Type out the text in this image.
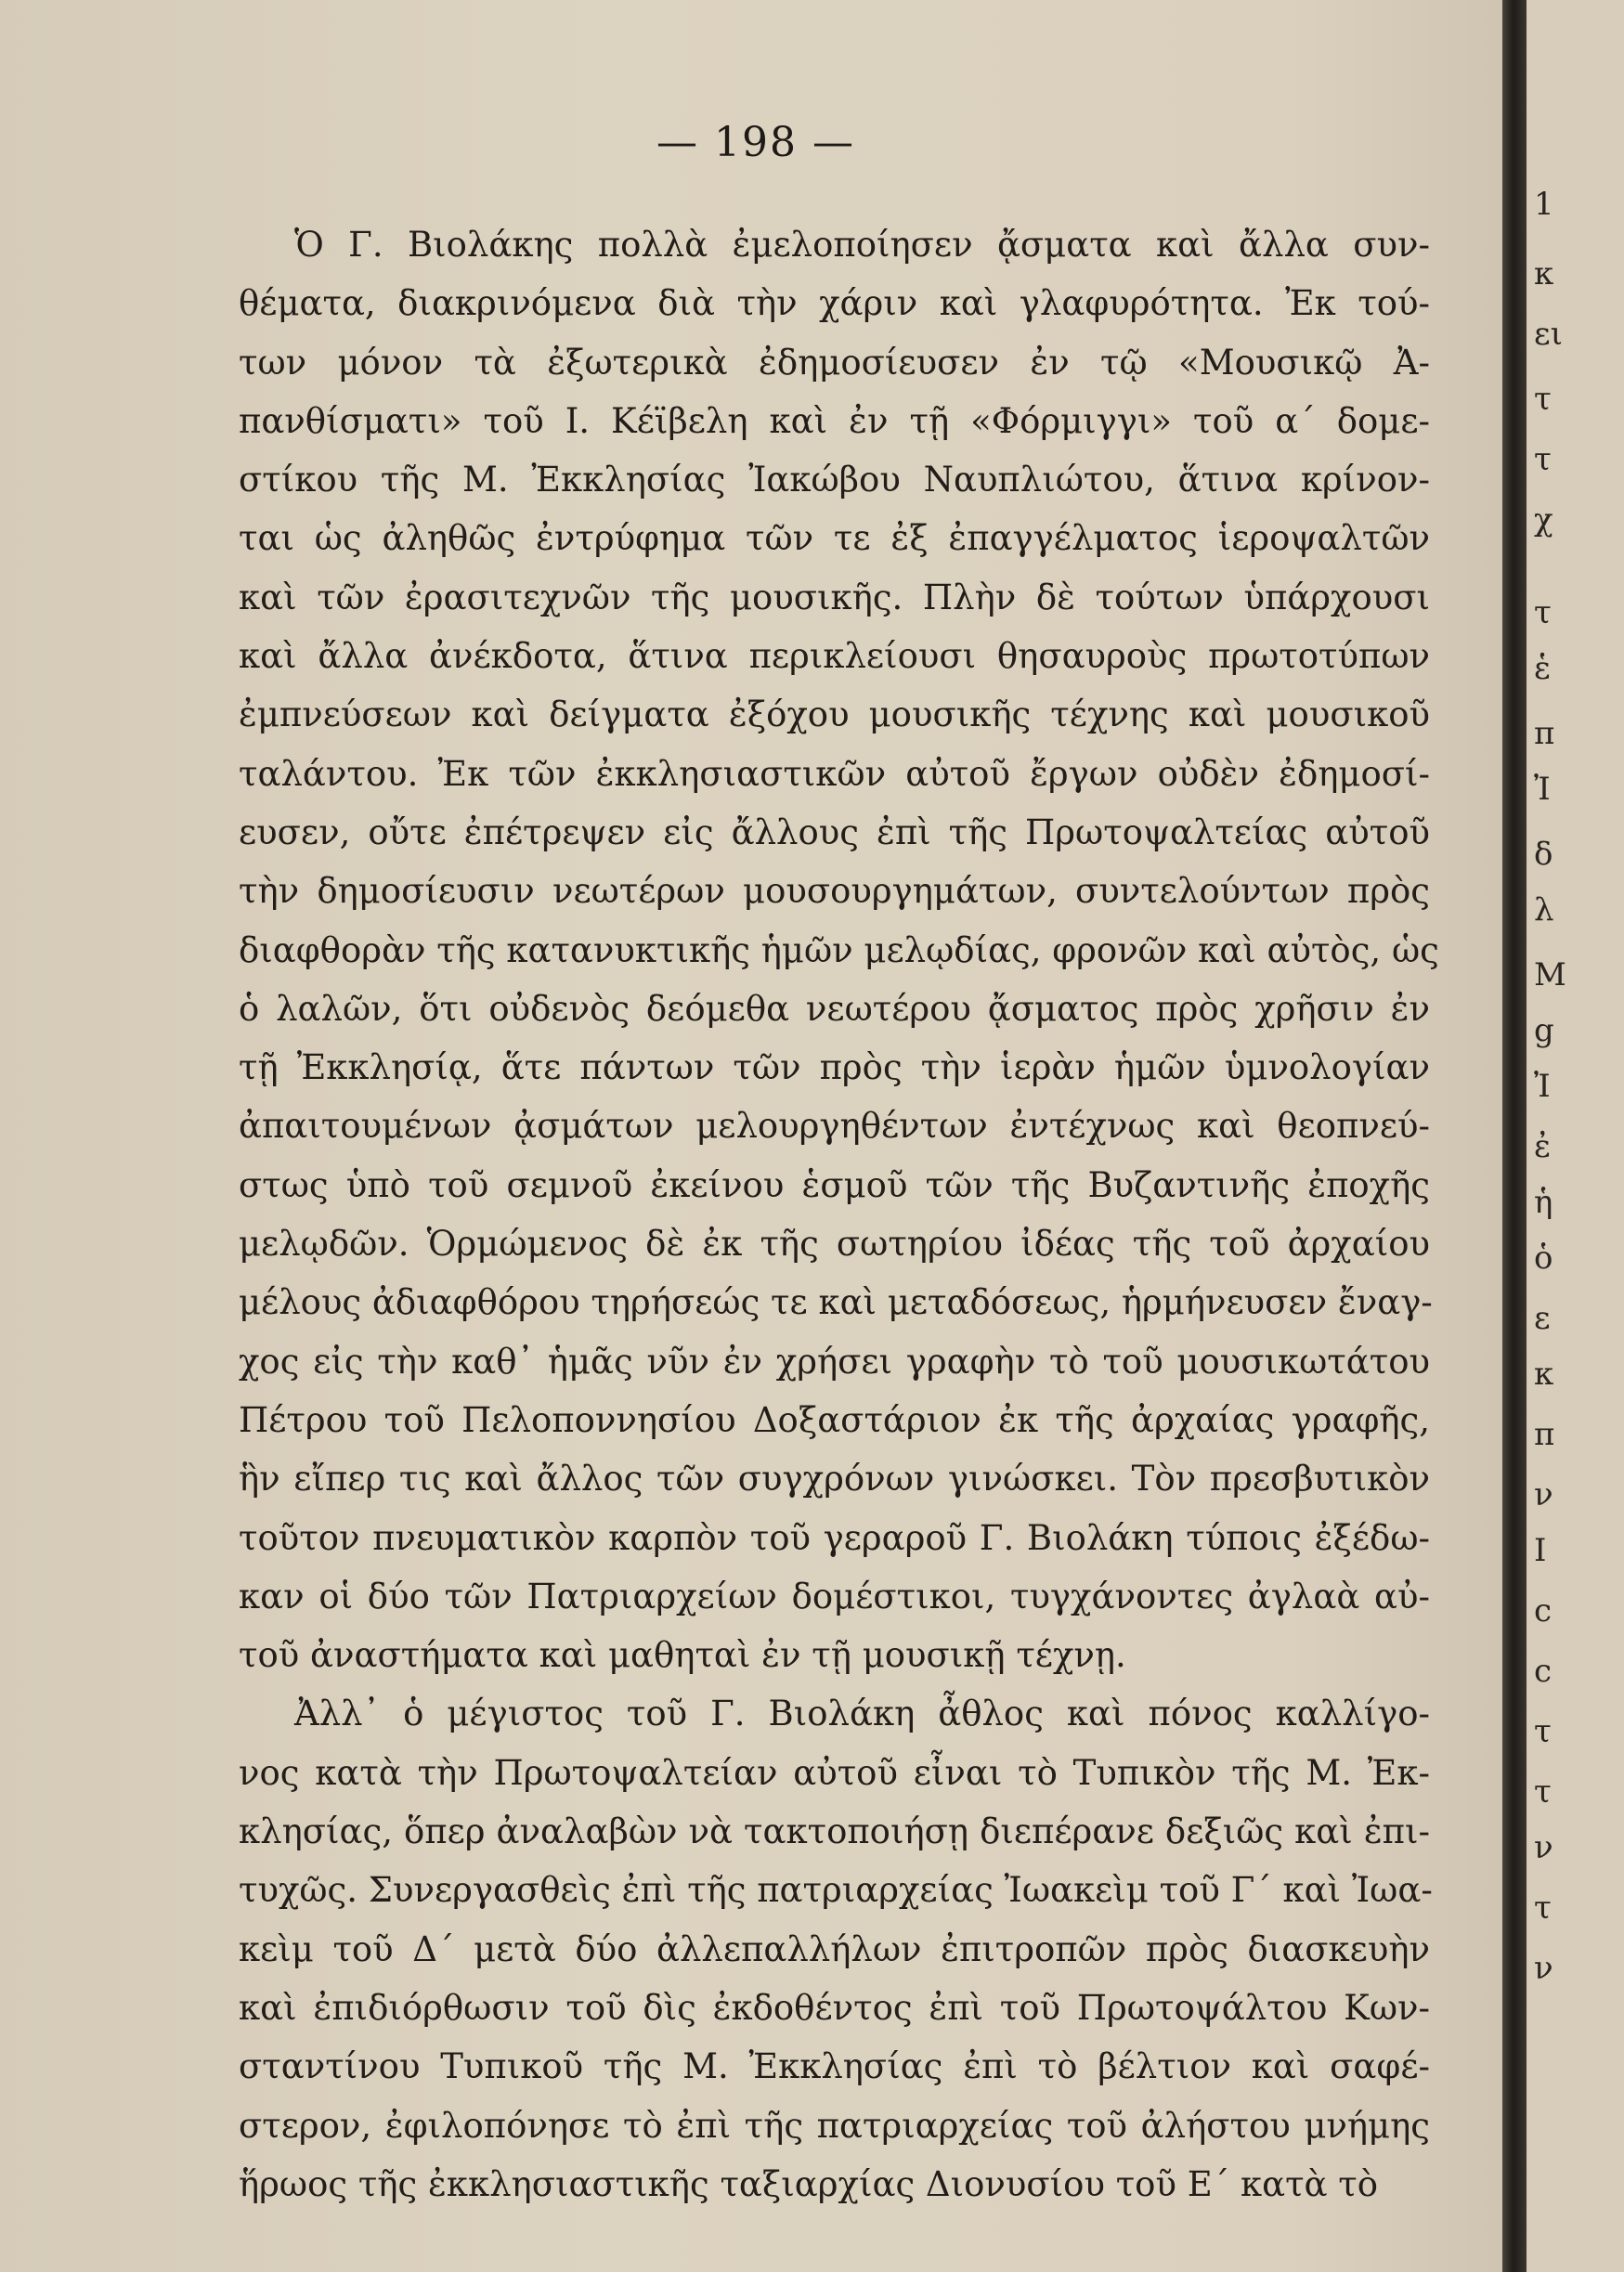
— 198 —
Ὁ Γ. Βιολάκης πολλὰ ἐμελοποίησεν ᾄσματα καὶ ἄλλα συν-
θέματα, διακρινόμενα διὰ τὴν χάριν καὶ γλαφυρότητα. Ἐκ τού-
των μόνον τὰ ἐξωτερικὰ ἐδημοσίευσεν ἐν τῷ «Μουσικῷ Ἀ-
πανθίσματι» τοῦ Ι. Κέϊβελη καὶ ἐν τῇ «Φόρμιγγι» τοῦ α΄ δομε-
στίκου τῆς Μ. Ἐκκλησίας Ἰακώβου Ναυπλιώτου, ἅτινα κρίνον-
ται ὡς ἀληθῶς ἐντρύφημα τῶν τε ἐξ ἐπαγγέλματος ἱεροψαλτῶν
καὶ τῶν ἐρασιτεχνῶν τῆς μουσικῆς. Πλὴν δὲ τούτων ὑπάρχουσι
καὶ ἄλλα ἀνέκδοτα, ἅτινα περικλείουσι θησαυροὺς πρωτοτύπων
ἐμπνεύσεων καὶ δείγματα ἐξόχου μουσικῆς τέχνης καὶ μουσικοῦ
ταλάντου. Ἐκ τῶν ἐκκλησιαστικῶν αὐτοῦ ἔργων οὐδὲν ἐδημοσί-
ευσεν, οὔτε ἐπέτρεψεν εἰς ἄλλους ἐπὶ τῆς Πρωτοψαλτείας αὐτοῦ
τὴν δημοσίευσιν νεωτέρων μουσουργημάτων, συντελούντων πρὸς
διαφθορὰν τῆς κατανυκτικῆς ἡμῶν μελῳδίας, φρονῶν καὶ αὐτὸς, ὡς
ὁ λαλῶν, ὅτι οὐδενὸς δεόμεθα νεωτέρου ᾄσματος πρὸς χρῆσιν ἐν
τῇ Ἐκκλησίᾳ, ἅτε πάντων τῶν πρὸς τὴν ἱερὰν ἡμῶν ὑμνολογίαν
ἀπαιτουμένων ᾀσμάτων μελουργηθέντων ἐντέχνως καὶ θεοπνεύ-
στως ὑπὸ τοῦ σεμνοῦ ἐκείνου ἑσμοῦ τῶν τῆς Βυζαντινῆς ἐποχῆς
μελῳδῶν. Ὁρμώμενος δὲ ἐκ τῆς σωτηρίου ἰδέας τῆς τοῦ ἀρχαίου
μέλους ἀδιαφθόρου τηρήσεώς τε καὶ μεταδόσεως, ἡρμήνευσεν ἔναγ-
χος εἰς τὴν καθ᾽ ἡμᾶς νῦν ἐν χρήσει γραφὴν τὸ τοῦ μουσικωτάτου
Πέτρου τοῦ Πελοποννησίου Δοξαστάριον ἐκ τῆς ἀρχαίας γραφῆς,
ἣν εἴπερ τις καὶ ἄλλος τῶν συγχρόνων γινώσκει. Τὸν πρεσβυτικὸν
τοῦτον πνευματικὸν καρπὸν τοῦ γεραροῦ Γ. Βιολάκη τύποις ἐξέδω-
καν οἱ δύο τῶν Πατριαρχείων δομέστικοι, τυγχάνοντες ἀγλαὰ αὐ-
τοῦ ἀναστήματα καὶ μαθηταὶ ἐν τῇ μουσικῇ τέχνῃ.
Ἀλλ᾽ ὁ μέγιστος τοῦ Γ. Βιολάκη ἆθλος καὶ πόνος καλλίγο-
νος κατὰ τὴν Πρωτοψαλτείαν αὐτοῦ εἶναι τὸ Τυπικὸν τῆς Μ. Ἐκ-
κλησίας, ὅπερ ἀναλαβὼν νὰ τακτοποιήσῃ διεπέρανε δεξιῶς καὶ ἐπι-
τυχῶς. Συνεργασθεὶς ἐπὶ τῆς πατριαρχείας Ἰωακεὶμ τοῦ Γ΄ καὶ Ἰωα-
κεὶμ τοῦ Δ΄ μετὰ δύο ἀλλεπαλλήλων ἐπιτροπῶν πρὸς διασκευὴν
καὶ ἐπιδιόρθωσιν τοῦ δὶς ἐκδοθέντος ἐπὶ τοῦ Πρωτοψάλτου Κων-
σταντίνου Τυπικοῦ τῆς Μ. Ἐκκλησίας ἐπὶ τὸ βέλτιον καὶ σαφέ-
στερον, ἐφιλοπόνησε τὸ ἐπὶ τῆς πατριαρχείας τοῦ ἀλήστου μνήμης
ἥρωος τῆς ἐκκλησιαστικῆς ταξιαρχίας Διονυσίου τοῦ Ε΄ κατὰ τὸ
1
κ
ει
τ
τ
χ
τ
ἑ
π
Ἰ
δ
λ
Μ
g
Ἰ
ἐ
ἡ
ὁ
ε
κ
π
ν
Ι
c
c
τ
τ
ν
τ
ν
